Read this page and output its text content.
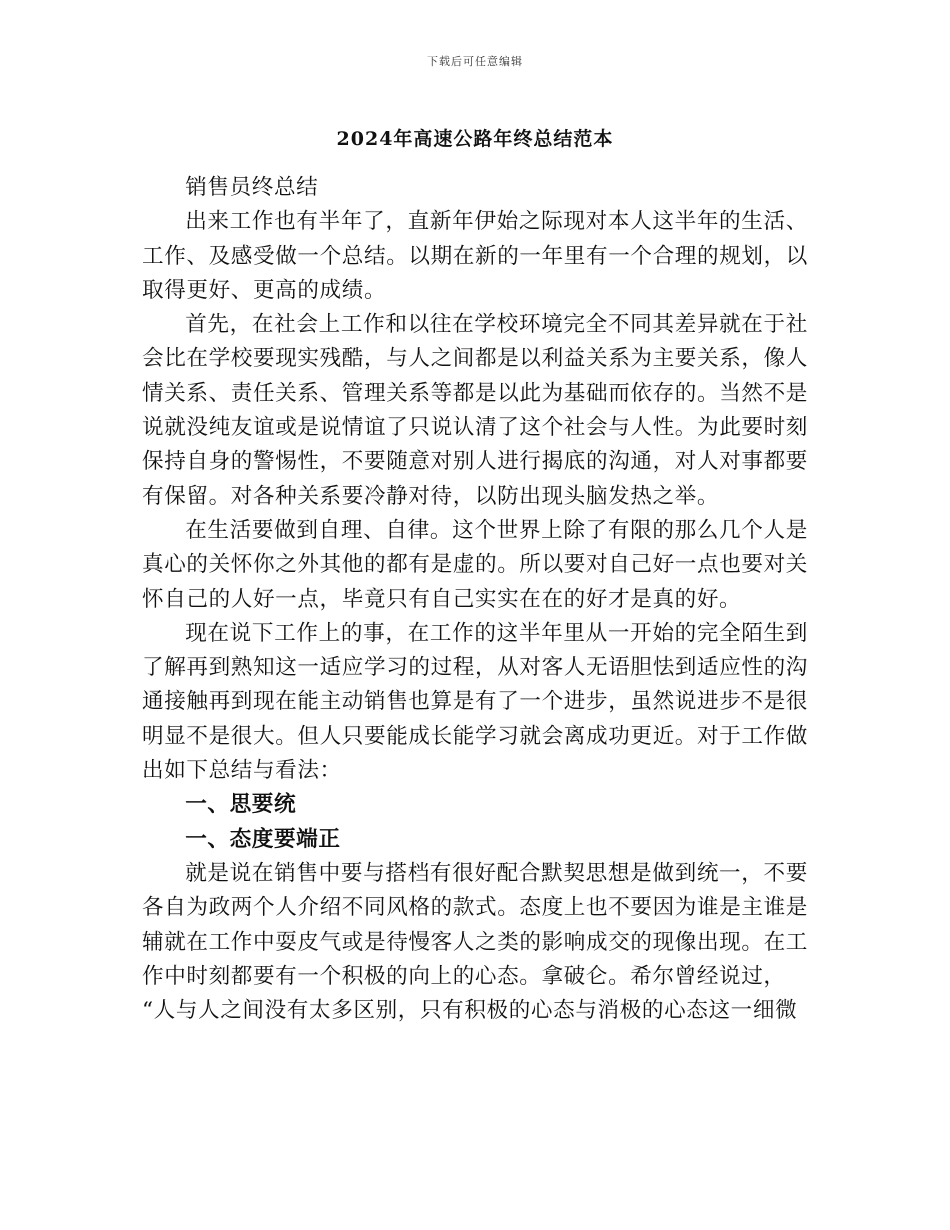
下载后可任意编辑
2024年高速公路年终总结范本

销售员终总结

出来工作也有半年了，直新年伊始之际现对本人这半年的生活、工作、及感受做一个总结。以期在新的一年里有一个合理的规划，以取得更好、更高的成绩。

首先，在社会上工作和以往在学校环境完全不同其差异就在于社会比在学校要现实残酷，与人之间都是以利益关系为主要关系，像人情关系、责任关系、管理关系等都是以此为基础而依存的。当然不是说就没纯友谊或是说情谊了只说认清了这个社会与人性。为此要时刻保持自身的警惕性，不要随意对别人进行揭底的沟通，对人对事都要有保留。对各种关系要冷静对待，以防出现头脑发热之举。

在生活要做到自理、自律。这个世界上除了有限的那么几个人是真心的关怀你之外其他的都有是虚的。所以要对自己好一点也要对关怀自己的人好一点，毕竟只有自己实实在在的好才是真的好。

现在说下工作上的事，在工作的这半年里从一开始的完全陌生到了解再到熟知这一适应学习的过程，从对客人无语胆怯到适应性的沟通接触再到现在能主动销售也算是有了一个进步，虽然说进步不是很明显不是很大。但人只要能成长能学习就会离成功更近。对于工作做出如下总结与看法：

一、思要统

一、态度要端正

就是说在销售中要与搭档有很好配合默契思想是做到统一，不要各自为政两个人介绍不同风格的款式。态度上也不要因为谁是主谁是辅就在工作中耍皮气或是待慢客人之类的影响成交的现像出现。在工作中时刻都要有一个积极的向上的心态。拿破仑。希尔曾经说过，

“人与人之间没有太多区别，只有积极的心态与消极的心态这一细微
